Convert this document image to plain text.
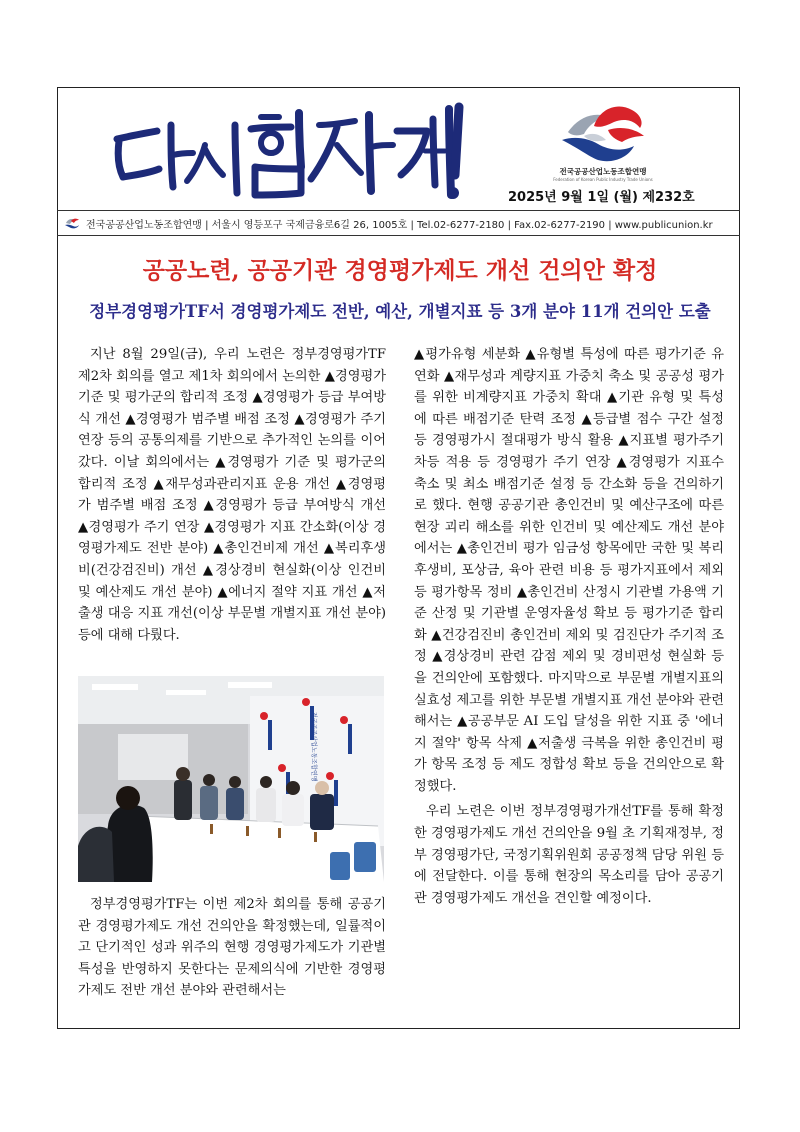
전국공공산업노동조합연맹
Federation of Korean Public Industry Trade Unions
2025년 9월 1일 (월) 제232호
전국공공산업노동조합연맹 | 서울시 영등포구 국제금융로6길 26, 1005호 | Tel.02-6277-2180 | Fax.02-6277-2190 | www.publicunion.kr
공공노련, 공공기관 경영평가제도 개선 건의안 확정
정부경영평가TF서 경영평가제도 전반, 예산, 개별지표 등 3개 분야 11개 건의안 도출

지난 8월 29일(금), 우리 노련은 정부경영평가TF 제2차 회의를 열고 제1차 회의에서 논의한 ▲경영평가 기준 및 평가군의 합리적 조정 ▲경영평가 등급 부여방식 개선 ▲경영평가 범주별 배점 조정 ▲경영평가 주기 연장 등의 공통의제를 기반으로 추가적인 논의를 이어갔다. 이날 회의에서는 ▲경영평가 기준 및 평가군의 합리적 조정 ▲재무성과관리지표 운용 개선 ▲경영평가 범주별 배점 조정 ▲경영평가 등급 부여방식 개선 ▲경영평가 주기 연장 ▲경영평가 지표 간소화(이상 경영평가제도 전반 분야) ▲총인건비제 개선 ▲복리후생비(건강검진비) 개선 ▲경상경비 현실화(이상 인건비 및 예산제도 개선 분야) ▲에너지 절약 지표 개선 ▲저출생 대응 지표 개선(이상 부문별 개별지표 개선 분야) 등에 대해 다뤘다.

전국공공산업노동조합연맹

정부경영평가TF는 이번 제2차 회의를 통해 공공기관 경영평가제도 개선 건의안을 확정했는데, 일률적이고 단기적인 성과 위주의 현행 경영평가제도가 기관별 특성을 반영하지 못한다는 문제의식에 기반한 경영평가제도 전반 개선 분야와 관련해서는

▲평가유형 세분화 ▲유형별 특성에 따른 평가기준 유연화 ▲재무성과 계량지표 가중치 축소 및 공공성 평가를 위한 비계량지표 가중치 확대 ▲기관 유형 및 특성에 따른 배점기준 탄력 조정 ▲등급별 점수 구간 설정 등 경영평가시 절대평가 방식 활용 ▲지표별 평가주기 차등 적용 등 경영평가 주기 연장 ▲경영평가 지표수 축소 및 최소 배점기준 설정 등 간소화 등을 건의하기로 했다. 현행 공공기관 총인건비 및 예산구조에 따른 현장 괴리 해소를 위한 인건비 및 예산제도 개선 분야에서는 ▲총인건비 평가 임금성 항목에만 국한 및 복리후생비, 포상금, 육아 관련 비용 등 평가지표에서 제외 등 평가항목 정비 ▲총인건비 산정시 기관별 가용액 기준 산정 및 기관별 운영자율성 확보 등 평가기준 합리화 ▲건강검진비 총인건비 제외 및 검진단가 주기적 조정 ▲경상경비 관련 감점 제외 및 경비편성 현실화 등을 건의안에 포함했다. 마지막으로 부문별 개별지표의 실효성 제고를 위한 부문별 개별지표 개선 분야와 관련해서는 ▲공공부문 AI 도입 달성을 위한 지표 중 '에너지 절약' 항목 삭제 ▲저출생 극복을 위한 총인건비 평가 항목 조정 등 제도 정합성 확보 등을 건의안으로 확정했다.

우리 노련은 이번 정부경영평가개선TF를 통해 확정한 경영평가제도 개선 건의안을 9월 초 기획재정부, 정부 경영평가단, 국정기획위원회 공공정책 담당 위원 등에 전달한다. 이를 통해 현장의 목소리를 담아 공공기관 경영평가제도 개선을 견인할 예정이다.
